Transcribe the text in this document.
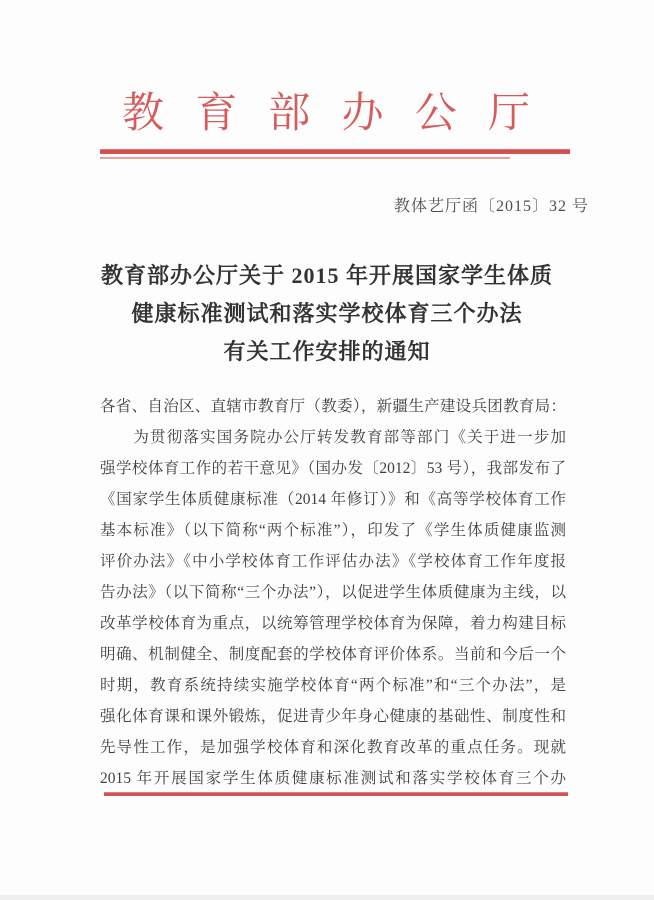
教育部办公厅
教体艺厅函〔2015〕32 号
教育部办公厅关于 2015 年开展国家学生体质
健康标准测试和落实学校体育三个办法
有关工作安排的通知
各省、自治区、直辖市教育厅（教委），新疆生产建设兵团教育局：
　　为贯彻落实国务院办公厅转发教育部等部门《关于进一步加
强学校体育工作的若干意见》（国办发〔2012〕53 号），我部发布了
《国家学生体质健康标准（2014 年修订）》和《高等学校体育工作
基本标准》（以下简称“两个标准”），印发了《学生体质健康监测
评价办法》《中小学校体育工作评估办法》《学校体育工作年度报
告办法》（以下简称“三个办法”），以促进学生体质健康为主线，以
改革学校体育为重点，以统筹管理学校体育为保障，着力构建目标
明确、机制健全、制度配套的学校体育评价体系。当前和今后一个
时期，教育系统持续实施学校体育“两个标准”和“三个办法”，是
强化体育课和课外锻炼，促进青少年身心健康的基础性、制度性和
先导性工作，是加强学校体育和深化教育改革的重点任务。现就
2015 年开展国家学生体质健康标准测试和落实学校体育三个办
